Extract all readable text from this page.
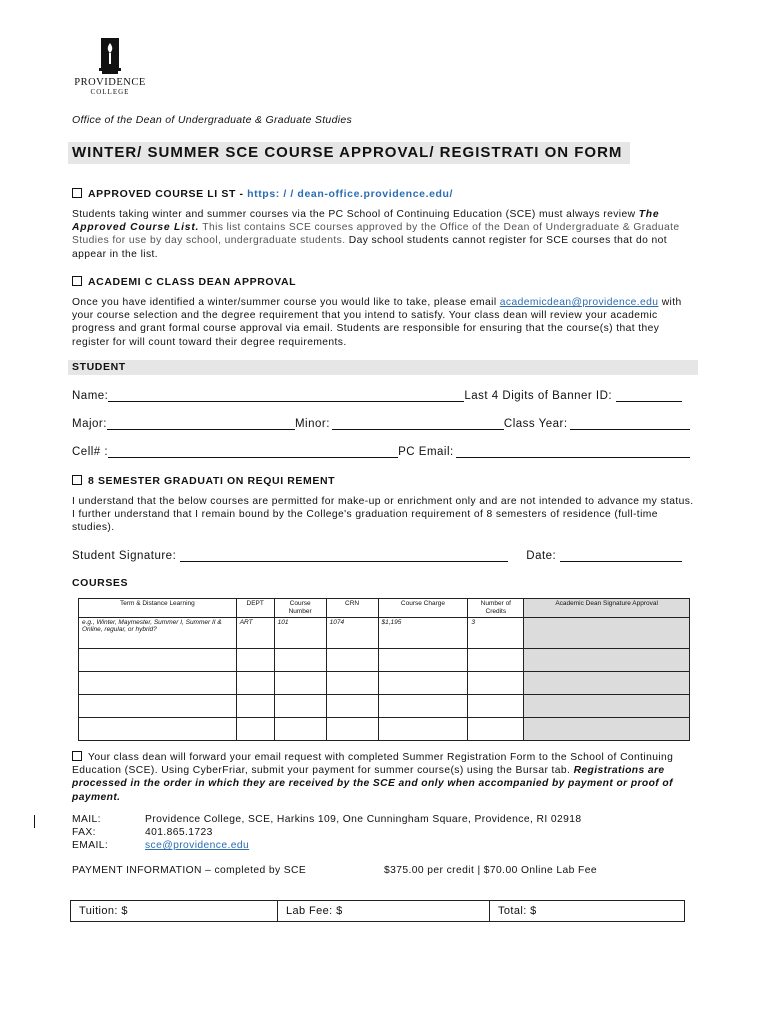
PROVIDENCE
COLLEGE
Office of the Dean of Undergraduate & Graduate Studies
WINTER/ SUMMER SCE COURSE APPROVAL/ REGISTRATI ON FORM
APPROVED COURSE LI ST - https: / / dean-office.providence.edu/
Students taking winter and summer courses via the PC School of Continuing Education (SCE) must always review The Approved Course List. This list contains SCE courses approved by the Office of the Dean of Undergraduate & Graduate Studies for use by day school, undergraduate students. Day school students cannot register for SCE courses that do not appear in the list.
ACADEMI C CLASS DEAN APPROVAL
Once you have identified a winter/summer course you would like to take, please email academicdean@providence.edu with your course selection and the degree requirement that you intend to satisfy. Your class dean will review your academic progress and grant formal course approval via email. Students are responsible for ensuring that the course(s) that they register for will count toward their degree requirements.
STUDENT
Name:	Last 4 Digits of Banner ID:
Major:	Minor:	Class Year:
Cell# :	PC Email:
8 SEMESTER GRADUATI ON REQUI REMENT
I understand that the below courses are permitted for make-up or enrichment only and are not intended to advance my status. I further understand that I remain bound by the College's graduation requirement of 8 semesters of residence (full-time studies).
Student Signature:	Date:
COURSES
Term & Distance Learning	DEPT	Course Number	CRN	Course Charge	Number of Credits	Academic Dean Signature Approval
e.g., Winter, Maymester, Summer I, Summer II & Online, regular, or hybrid?	ART	101	1074	$1,195	3	

Your class dean will forward your email request with completed Summer Registration Form to the School of Continuing Education (SCE). Using CyberFriar, submit your payment for summer course(s) using the Bursar tab. Registrations are processed in the order in which they are received by the SCE and only when accompanied by payment or proof of payment.
MAIL:	Providence College, SCE, Harkins 109, One Cunningham Square, Providence, RI 02918
FAX:	401.865.1723
EMAIL:	sce@providence.edu
PAYMENT INFORMATION – completed by SCE	$375.00 per credit | $70.00 Online Lab Fee
Tuition: $	Lab Fee: $	Total: $
